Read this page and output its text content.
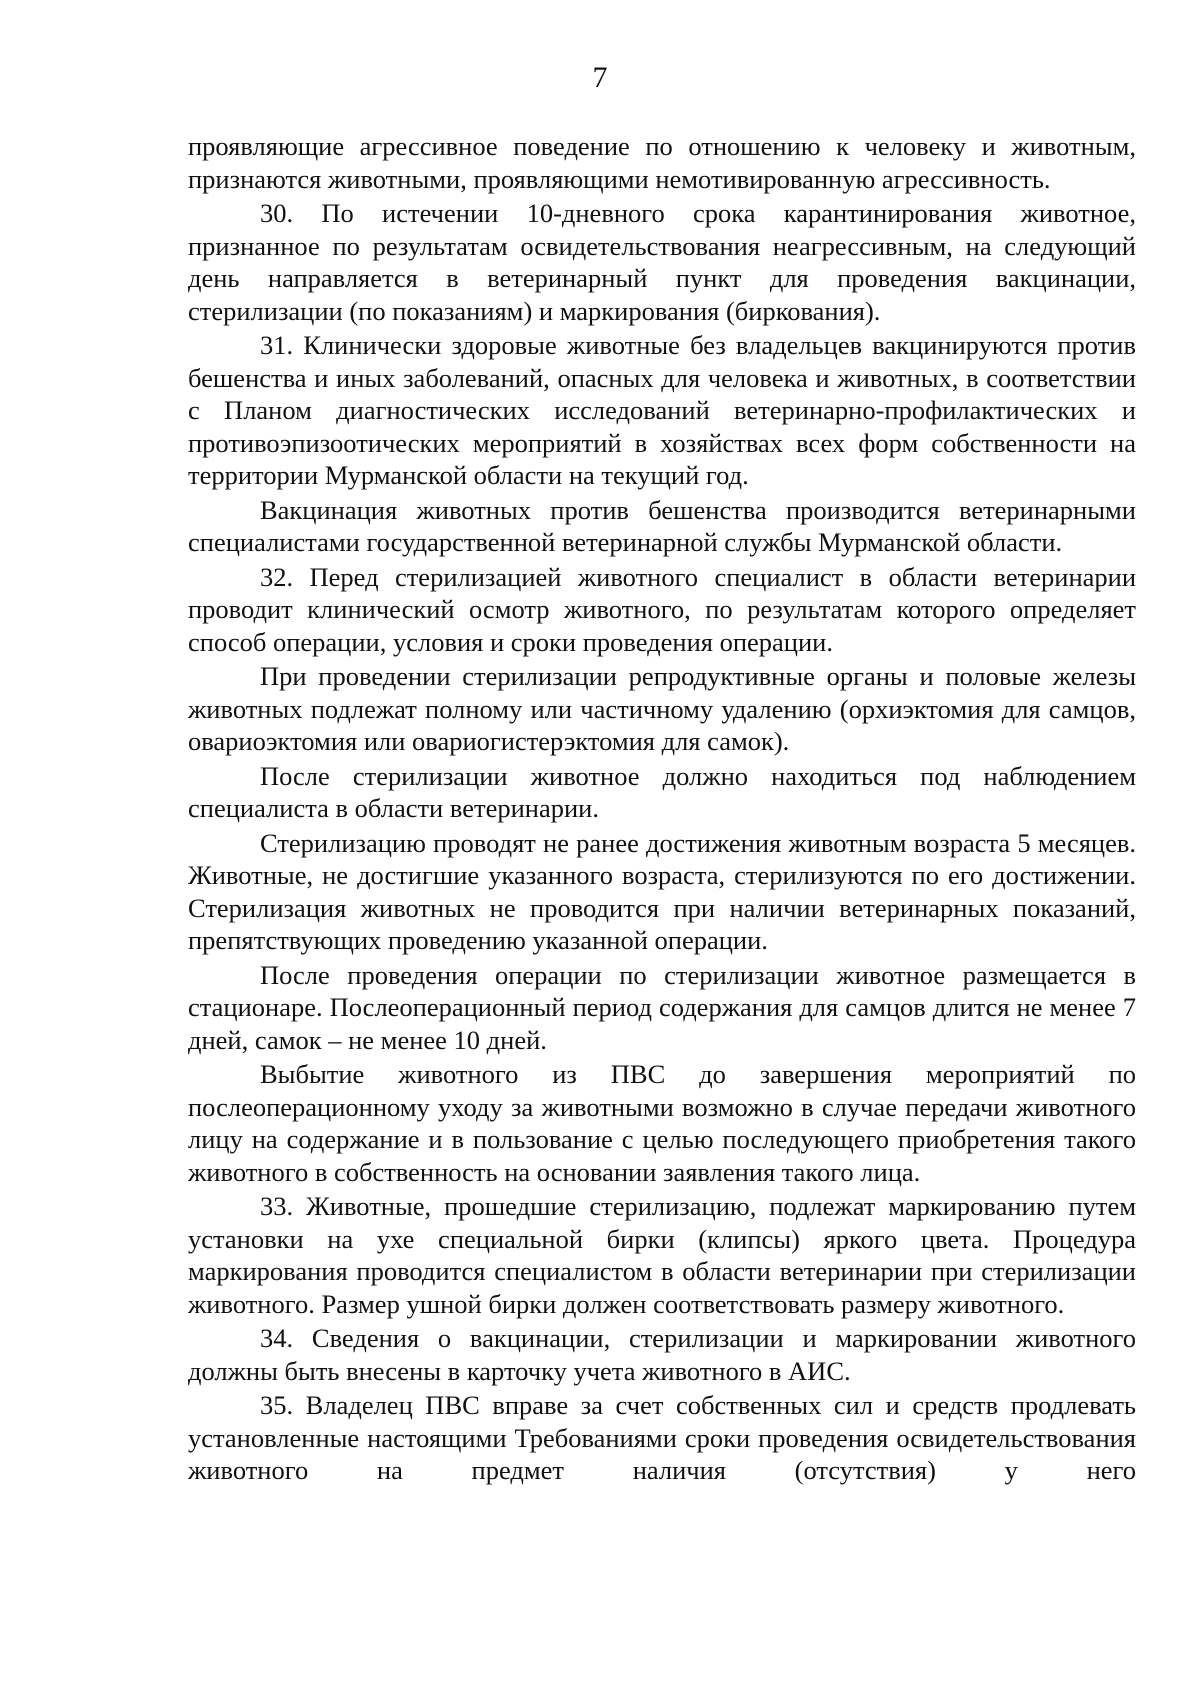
7

проявляющие агрессивное поведение по отношению к человеку и животным, признаются животными, проявляющими немотивированную агрессивность.

30. По истечении 10-дневного срока карантинирования животное, признанное по результатам освидетельствования неагрессивным, на следующий день направляется в ветеринарный пункт для проведения вакцинации, стерилизации (по показаниям) и маркирования (биркования).

31. Клинически здоровые животные без владельцев вакцинируются против бешенства и иных заболеваний, опасных для человека и животных, в соответствии с Планом диагностических исследований ветеринарно-профилактических и противоэпизоотических мероприятий в хозяйствах всех форм собственности на территории Мурманской области на текущий год.

Вакцинация животных против бешенства производится ветеринарными специалистами государственной ветеринарной службы Мурманской области.

32. Перед стерилизацией животного специалист в области ветеринарии проводит клинический осмотр животного, по результатам которого определяет способ операции, условия и сроки проведения операции.

При проведении стерилизации репродуктивные органы и половые железы животных подлежат полному или частичному удалению (орхиэктомия для самцов, овариоэктомия или овариогистерэктомия для самок).

После стерилизации животное должно находиться под наблюдением специалиста в области ветеринарии.

Стерилизацию проводят не ранее достижения животным возраста 5 месяцев. Животные, не достигшие указанного возраста, стерилизуются по его достижении. Стерилизация животных не проводится при наличии ветеринарных показаний, препятствующих проведению указанной операции.

После проведения операции по стерилизации животное размещается в стационаре. Послеоперационный период содержания для самцов длится не менее 7 дней, самок – не менее 10 дней.

Выбытие животного из ПВС до завершения мероприятий по послеоперационному уходу за животными возможно в случае передачи животного лицу на содержание и в пользование с целью последующего приобретения такого животного в собственность на основании заявления такого лица.

33. Животные, прошедшие стерилизацию, подлежат маркированию путем установки на ухе специальной бирки (клипсы) яркого цвета. Процедура маркирования проводится специалистом в области ветеринарии при стерилизации животного. Размер ушной бирки должен соответствовать размеру животного.

34. Сведения о вакцинации, стерилизации и маркировании животного должны быть внесены в карточку учета животного в АИС.

35. Владелец ПВС вправе за счет собственных сил и средств продлевать установленные настоящими Требованиями сроки проведения освидетельствования животного на предмет наличия (отсутствия) у него
